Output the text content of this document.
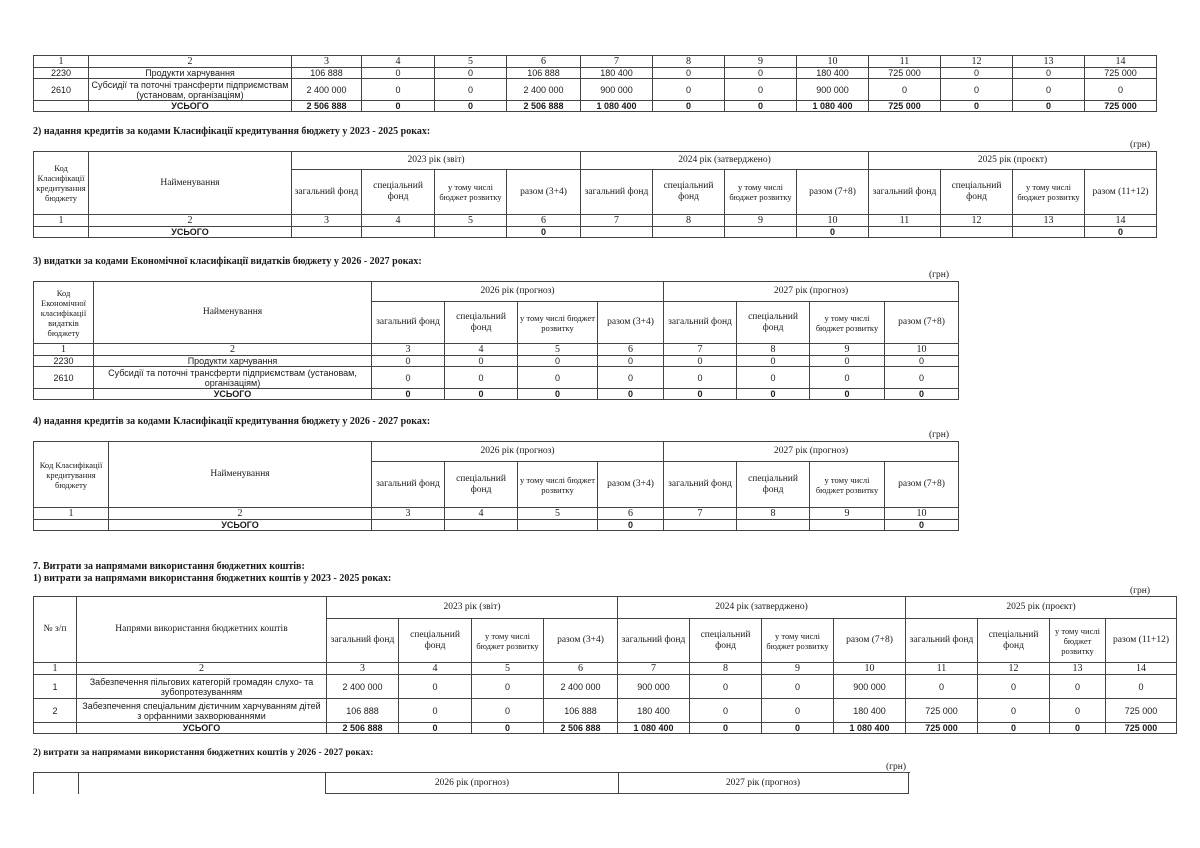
1	2	3	4	5	6	7	8	9	10	11	12	13	14
2230	Продукти харчування	106 888	0	0	106 888	180 400	0	0	180 400	725 000	0	0	725 000
2610	Субсидії та поточні трансферти підприємствам (установам, організаціям)	2 400 000	0	0	2 400 000	900 000	0	0	900 000	0	0	0	0
	УСЬОГО	2 506 888	0	0	2 506 888	1 080 400	0	0	1 080 400	725 000	0	0	725 000
2) надання кредитів за кодами Класифікації кредитування бюджету у 2023 - 2025 роках:
(грн)
Код Класифікації кредитування бюджету	Найменування	2023 рік (звіт)				2024 рік (затверджено)				2025 рік (проєкт)			
		загальний фонд	спеціальний фонд	у тому числі бюджет розвитку	разом (3+4)	загальний фонд	спеціальний фонд	у тому числі бюджет розвитку	разом (7+8)	загальний фонд	спеціальний фонд	у тому числі бюджет розвитку	разом (11+12)
1	2	3	4	5	6	7	8	9	10	11	12	13	14
	УСЬОГО				0				0				0
3) видатки за кодами Економічної класифікації видатків бюджету у 2026 - 2027 роках:
(грн)
Код Економічної класифікації видатків бюджету	Найменування	2026 рік (прогноз)				2027 рік (прогноз)			
		загальний фонд	спеціальний фонд	у тому числі бюджет розвитку	разом (3+4)	загальний фонд	спеціальний фонд	у тому числі бюджет розвитку	разом (7+8)
1	2	3	4	5	6	7	8	9	10
2230	Продукти харчування	0	0	0	0	0	0	0	0
2610	Субсидії та поточні трансферти підприємствам (установам, організаціям)	0	0	0	0	0	0	0	0
	УСЬОГО	0	0	0	0	0	0	0	0
4) надання кредитів за кодами Класифікації кредитування бюджету у 2026 - 2027 роках:
(грн)
Код Класифікації кредитування бюджету	Найменування	2026 рік (прогноз)				2027 рік (прогноз)			
		загальний фонд	спеціальний фонд	у тому числі бюджет розвитку	разом (3+4)	загальний фонд	спеціальний фонд	у тому числі бюджет розвитку	разом (7+8)
1	2	3	4	5	6	7	8	9	10
	УСЬОГО				0				0
7. Витрати за напрямами використання бюджетних коштів:
1) витрати за напрямами використання бюджетних коштів у 2023 - 2025 роках:
(грн)
№ з/п	Напрями використання бюджетних коштів	2023 рік (звіт)				2024 рік (затверджено)				2025 рік (проєкт)			
		загальний фонд	спеціальний фонд	у тому числі бюджет розвитку	разом (3+4)	загальний фонд	спеціальний фонд	у тому числі бюджет розвитку	разом (7+8)	загальний фонд	спеціальний фонд	у тому числі бюджет розвитку	разом (11+12)
1	2	3	4	5	6	7	8	9	10	11	12	13	14
1	Забезпечення пільгових категорій громадян слухо- та зубопротезуванням	2 400 000	0	0	2 400 000	900 000	0	0	900 000	0	0	0	0
2	Забезпечення спеціальним дієтичним харчуванням дітей з орфанними захворюваннями	106 888	0	0	106 888	180 400	0	0	180 400	725 000	0	0	725 000
	УСЬОГО	2 506 888	0	0	2 506 888	1 080 400	0	0	1 080 400	725 000	0	0	725 000
2) витрати за напрямами використання бюджетних коштів у 2026 - 2027 роках:
(грн)
2026 рік (прогноз)	2027 рік (прогноз)
